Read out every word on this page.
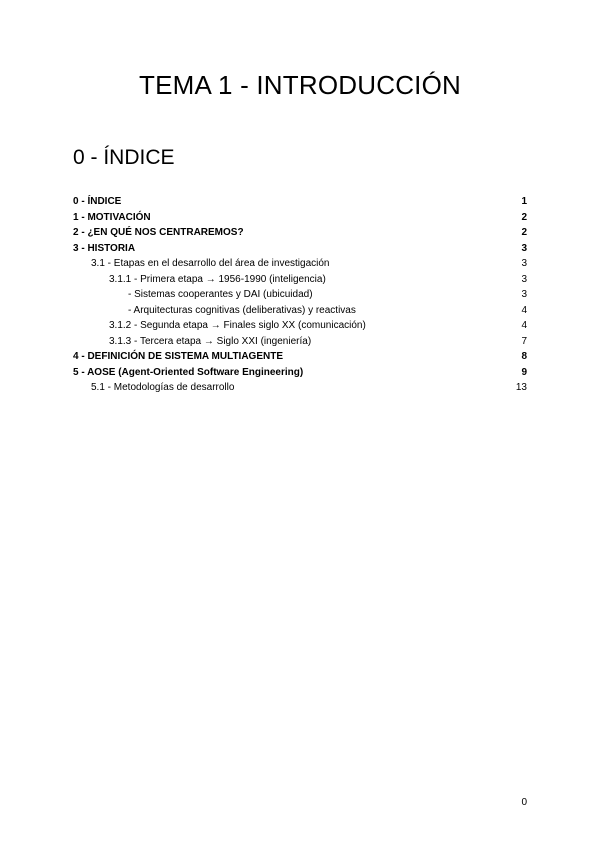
TEMA 1 - INTRODUCCIÓN
0 - ÍNDICE
0 - ÍNDICE	1
1 - MOTIVACIÓN	2
2 - ¿EN QUÉ NOS CENTRAREMOS?	2
3 - HISTORIA	3
3.1 - Etapas en el desarrollo del área de investigación	3
3.1.1 - Primera etapa → 1956-1990 (inteligencia)	3
- Sistemas cooperantes y DAI (ubicuidad)	3
- Arquitecturas cognitivas (deliberativas) y reactivas	4
3.1.2 - Segunda etapa → Finales siglo XX (comunicación)	4
3.1.3 - Tercera etapa → Siglo XXI (ingeniería)	7
4 - DEFINICIÓN DE SISTEMA MULTIAGENTE	8
5 - AOSE (Agent-Oriented Software Engineering)	9
5.1 - Metodologías de desarrollo	13
0
